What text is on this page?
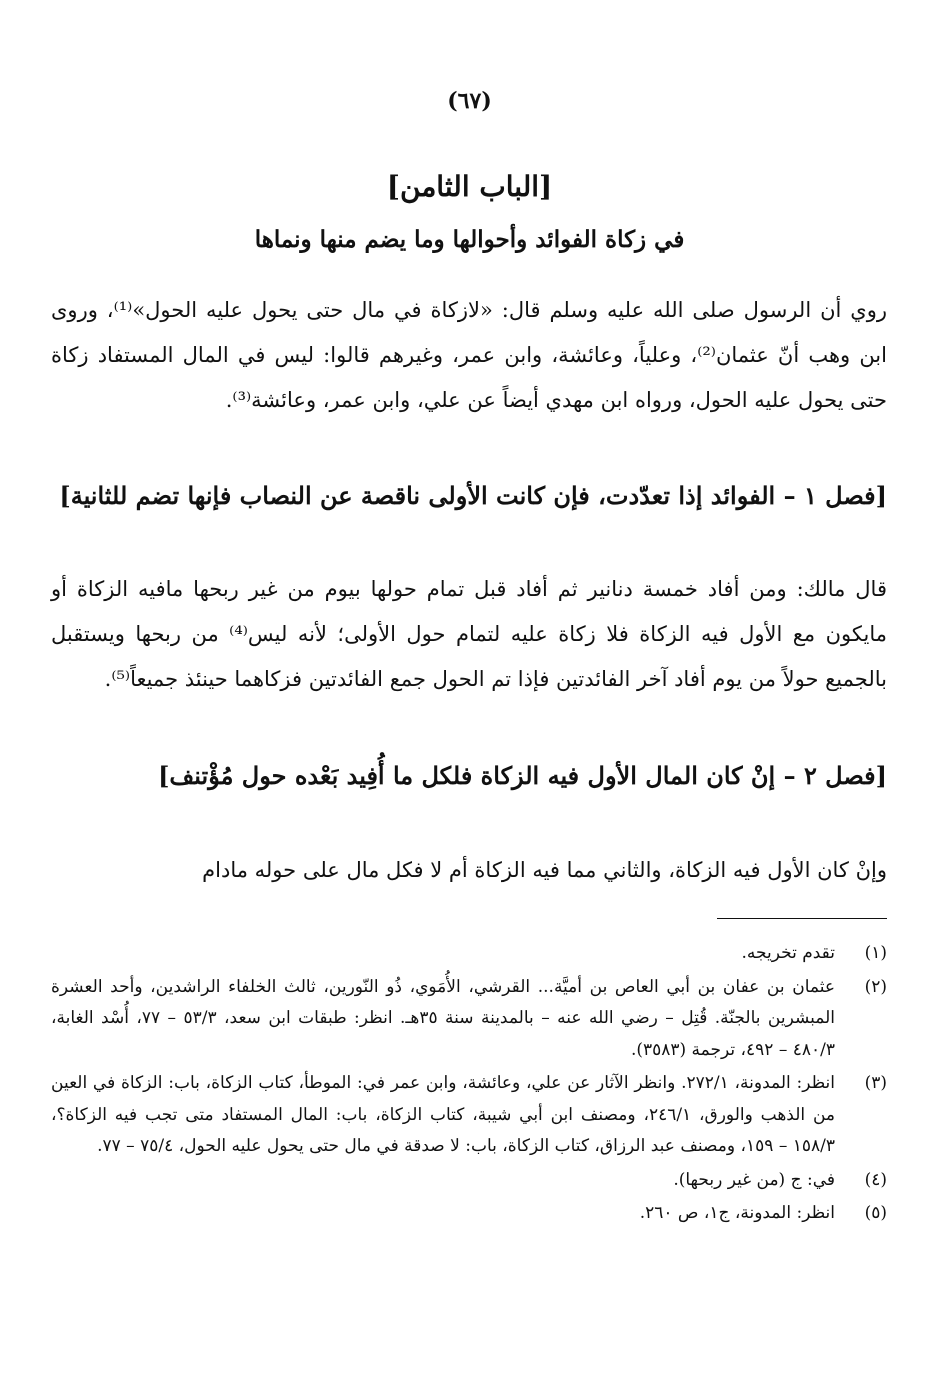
(٦٧)
[الباب الثامن]
في زكاة الفوائد وأحوالها وما يضم منها ونماها
روي أن الرسول صلى الله عليه وسلم قال: «لازكاة في مال حتى يحول عليه الحول»⁽¹⁾، وروى ابن وهب أنّ عثمان⁽²⁾، وعلياً، وعائشة، وابن عمر، وغيرهم قالوا: ليس في المال المستفاد زكاة حتى يحول عليه الحول، ورواه ابن مهدي أيضاً عن علي، وابن عمر، وعائشة⁽³⁾.
[فصل ١ – الفوائد إذا تعدّدت، فإن كانت الأولى ناقصة عن النصاب فإنها تضم للثانية]
قال مالك: ومن أفاد خمسة دنانير ثم أفاد قبل تمام حولها بيوم من غير ربحها مافيه الزكاة أو مايكون مع الأول فيه الزكاة فلا زكاة عليه لتمام حول الأولى؛ لأنه ليس⁽⁴⁾ من ربحها ويستقبل بالجميع حولاً من يوم أفاد آخر الفائدتين فإذا تم الحول جمع الفائدتين فزكاهما حينئذ جميعاً⁽⁵⁾.
[فصل ٢ – إنْ كان المال الأول فيه الزكاة فلكل ما أُفِيد بَعْده حول مُؤْتنف]
وإنْ كان الأول فيه الزكاة، والثاني مما فيه الزكاة أم لا فكل مال على حوله مادام
(١)
تقدم تخريجه.
(٢)
عثمان بن عفان بن أبي العاص بن أميَّة... القرشي، الأُمَوي، ذُو النّورين، ثالث الخلفاء الراشدين، وأحد العشرة المبشرين بالجنّة. قُتِل – رضي الله عنه – بالمدينة سنة ٣٥هـ. انظر: طبقات ابن سعد، ٥٣/٣ – ٧٧، أُسْد الغابة، ٤٨٠/٣ – ٤٩٢، ترجمة (٣٥٨٣).
(٣)
انظر: المدونة، ٢٧٢/١. وانظر الآثار عن علي، وعائشة، وابن عمر في: الموطأ، كتاب الزكاة، باب: الزكاة في العين من الذهب والورق، ٢٤٦/١، ومصنف ابن أبي شيبة، كتاب الزكاة، باب: المال المستفاد متى تجب فيه الزكاة؟، ١٥٨/٣ – ١٥٩، ومصنف عبد الرزاق، كتاب الزكاة، باب: لا صدقة في مال حتى يحول عليه الحول، ٧٥/٤ – ٧٧.
(٤)
في: ج (من غير ربحها).
(٥)
انظر: المدونة، ج١، ص ٢٦٠.
